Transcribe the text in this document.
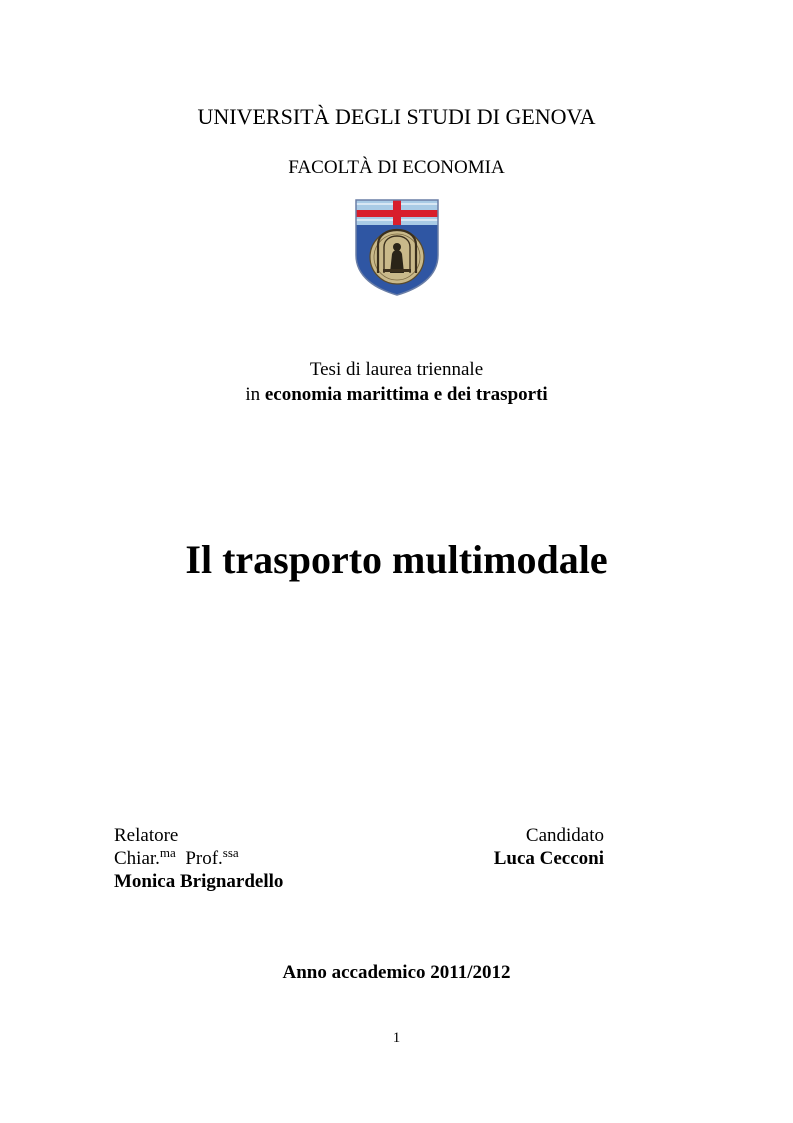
UNIVERSITÀ DEGLI STUDI DI GENOVA
FACOLTÀ DI ECONOMIA
Tesi di laurea triennale
in economia marittima e dei trasporti
Il trasporto multimodale
Relatore
Chiar.$^{ma}$ Prof.$^{ssa}$
Monica Brignardello
Candidato
Luca Cecconi
Anno accademico 2011/2012
1
